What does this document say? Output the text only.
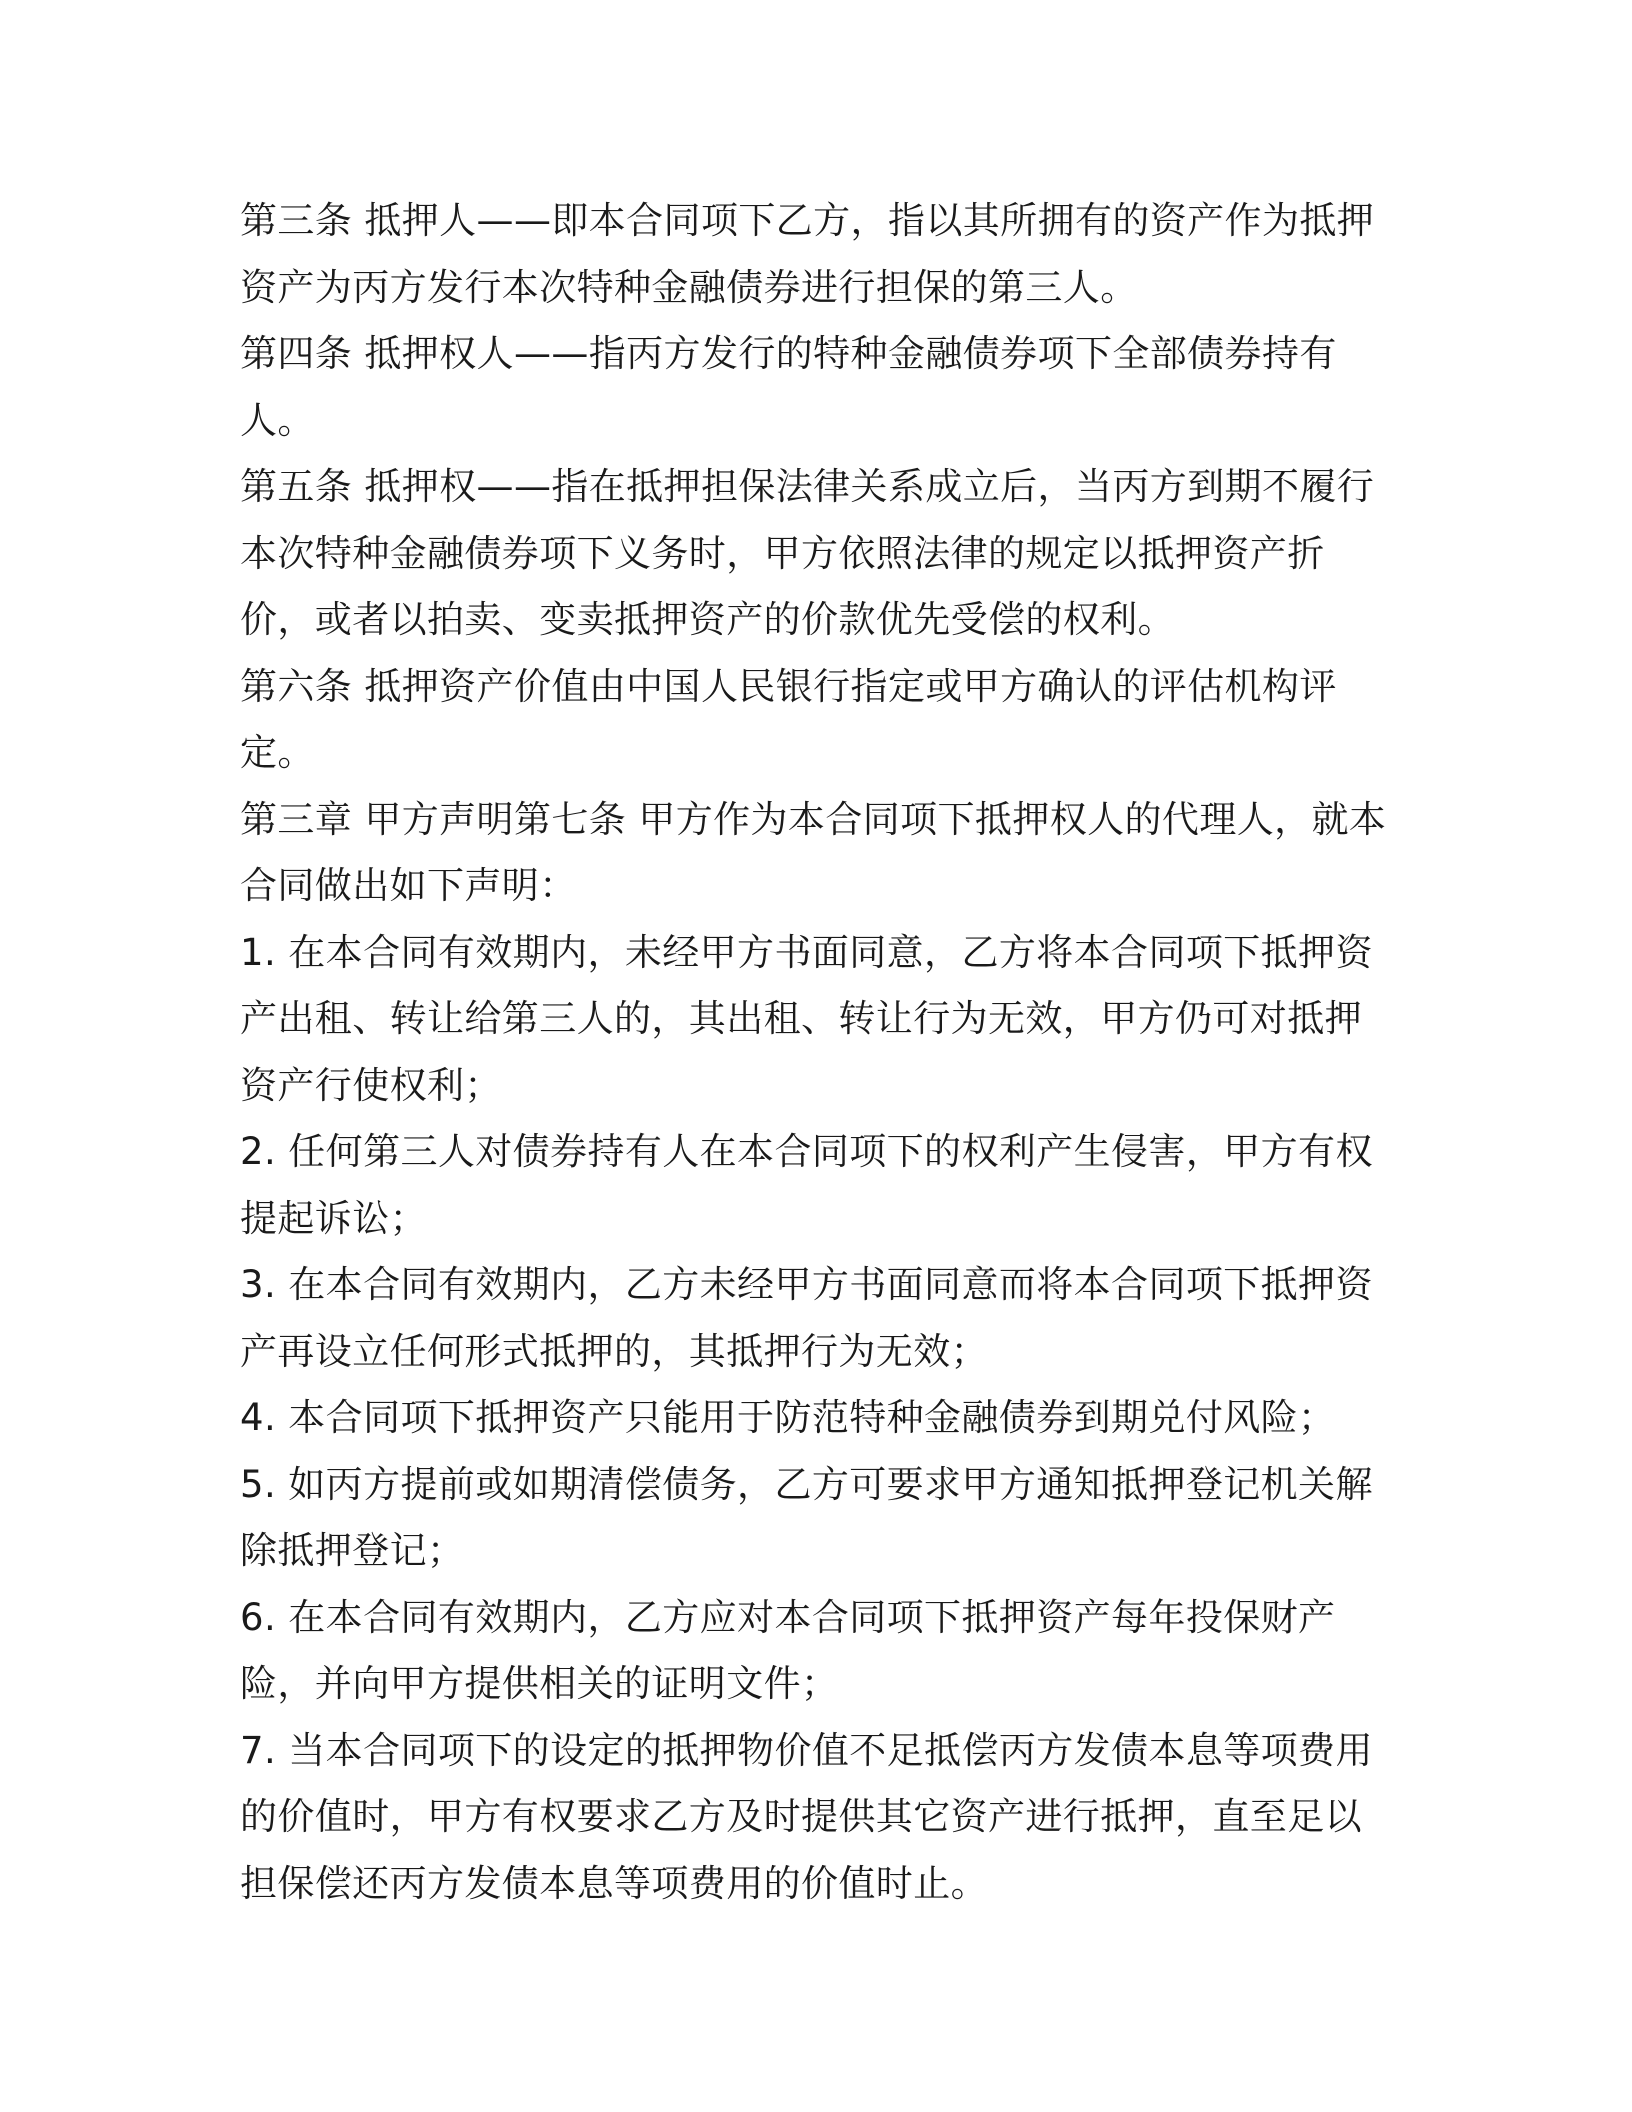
第三条 抵押人——即本合同项下乙方，指以其所拥有的资产作为抵押资产为丙方发行本次特种金融债券进行担保的第三人。

第四条 抵押权人——指丙方发行的特种金融债券项下全部债券持有人。

第五条 抵押权——指在抵押担保法律关系成立后，当丙方到期不履行本次特种金融债券项下义务时，甲方依照法律的规定以抵押资产折价，或者以拍卖、变卖抵押资产的价款优先受偿的权利。

第六条 抵押资产价值由中国人民银行指定或甲方确认的评估机构评定。

第三章 甲方声明第七条 甲方作为本合同项下抵押权人的代理人，就本合同做出如下声明：

1. 在本合同有效期内，未经甲方书面同意，乙方将本合同项下抵押资产出租、转让给第三人的，其出租、转让行为无效，甲方仍可对抵押资产行使权利；

2. 任何第三人对债券持有人在本合同项下的权利产生侵害，甲方有权提起诉讼；

3. 在本合同有效期内，乙方未经甲方书面同意而将本合同项下抵押资产再设立任何形式抵押的，其抵押行为无效；

4. 本合同项下抵押资产只能用于防范特种金融债券到期兑付风险；

5. 如丙方提前或如期清偿债务，乙方可要求甲方通知抵押登记机关解除抵押登记；

6. 在本合同有效期内，乙方应对本合同项下抵押资产每年投保财产险，并向甲方提供相关的证明文件；

7. 当本合同项下的设定的抵押物价值不足抵偿丙方发债本息等项费用的价值时，甲方有权要求乙方及时提供其它资产进行抵押，直至足以担保偿还丙方发债本息等项费用的价值时止。
